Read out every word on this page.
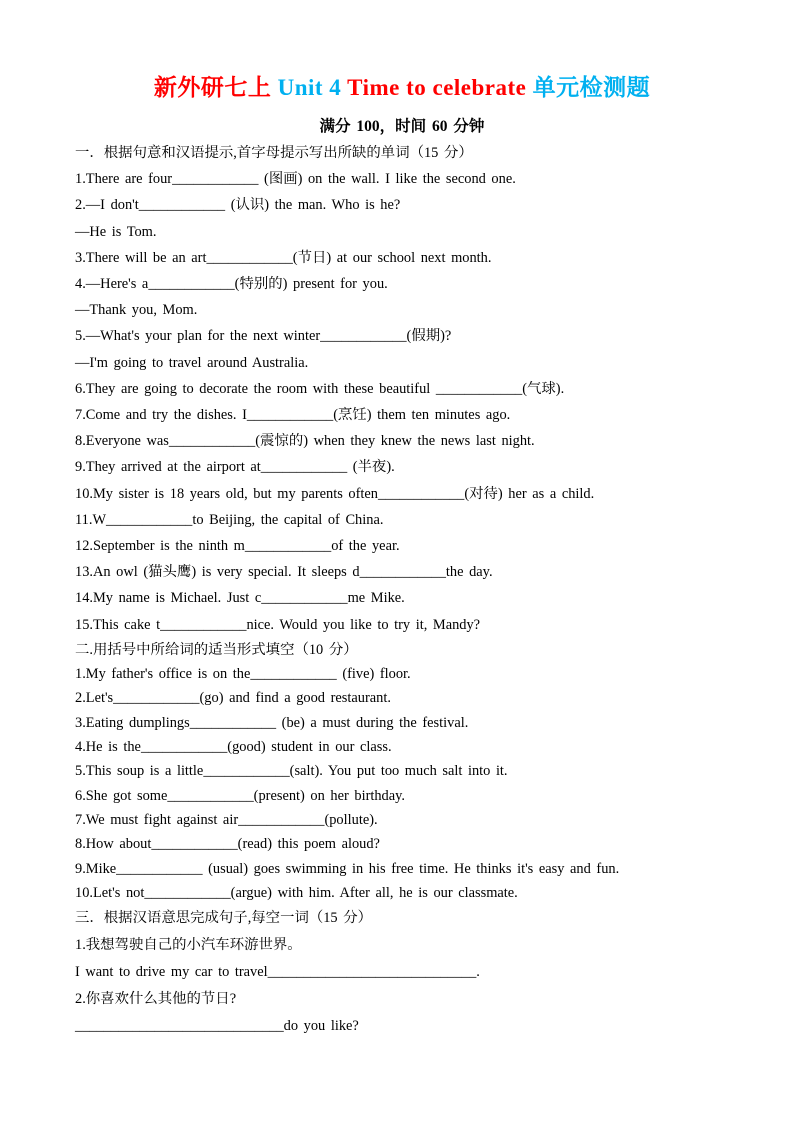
新外研七上 Unit 4 Time to celebrate 单元检测题
满分 100，时间 60 分钟
一．根据句意和汉语提示,首字母提示写出所缺的单词（15 分）
1.There are four____________ (图画) on the wall. I like the second one.
2.—I don't____________ (认识) the man. Who is he?
—He is Tom.
3.There will be an art____________(节日) at our school next month.
4.—Here's a____________(特别的) present for you.
—Thank you, Mom.
5.—What's your plan for the next winter____________(假期)?
—I'm going to travel around Australia.
6.They are going to decorate the room with these beautiful ____________(气球).
7.Come and try the dishes. I____________(烹饪) them ten minutes ago.
8.Everyone was____________(震惊的) when they knew the news last night.
9.They arrived at the airport at____________ (半夜).
10.My sister is 18 years old, but my parents often____________(对待) her as a child.
11.W____________to Beijing, the capital of China.
12.September is the ninth m____________of the year.
13.An owl (猫头鹰) is very special. It sleeps d____________the day.
14.My name is Michael. Just c____________me Mike.
15.This cake t____________nice. Would you like to try it, Mandy?
二.用括号中所给词的适当形式填空（10 分）
1.My father's office is on the____________ (five) floor.
2.Let's____________(go) and find a good restaurant.
3.Eating dumplings____________ (be) a must during the festival.
4.He is the____________(good) student in our class.
5.This soup is a little____________(salt). You put too much salt into it.
6.She got some____________(present) on her birthday.
7.We must fight against air____________(pollute).
8.How about____________(read) this poem aloud?
9.Mike____________ (usual) goes swimming in his free time. He thinks it's easy and fun.
10.Let's not____________(argue) with him. After all, he is our classmate.
三．根据汉语意思完成句子,每空一词（15 分）
1.我想驾驶自己的小汽车环游世界。
I want to drive my car to travel_____________________________.
2.你喜欢什么其他的节日?
_____________________________do you like?
